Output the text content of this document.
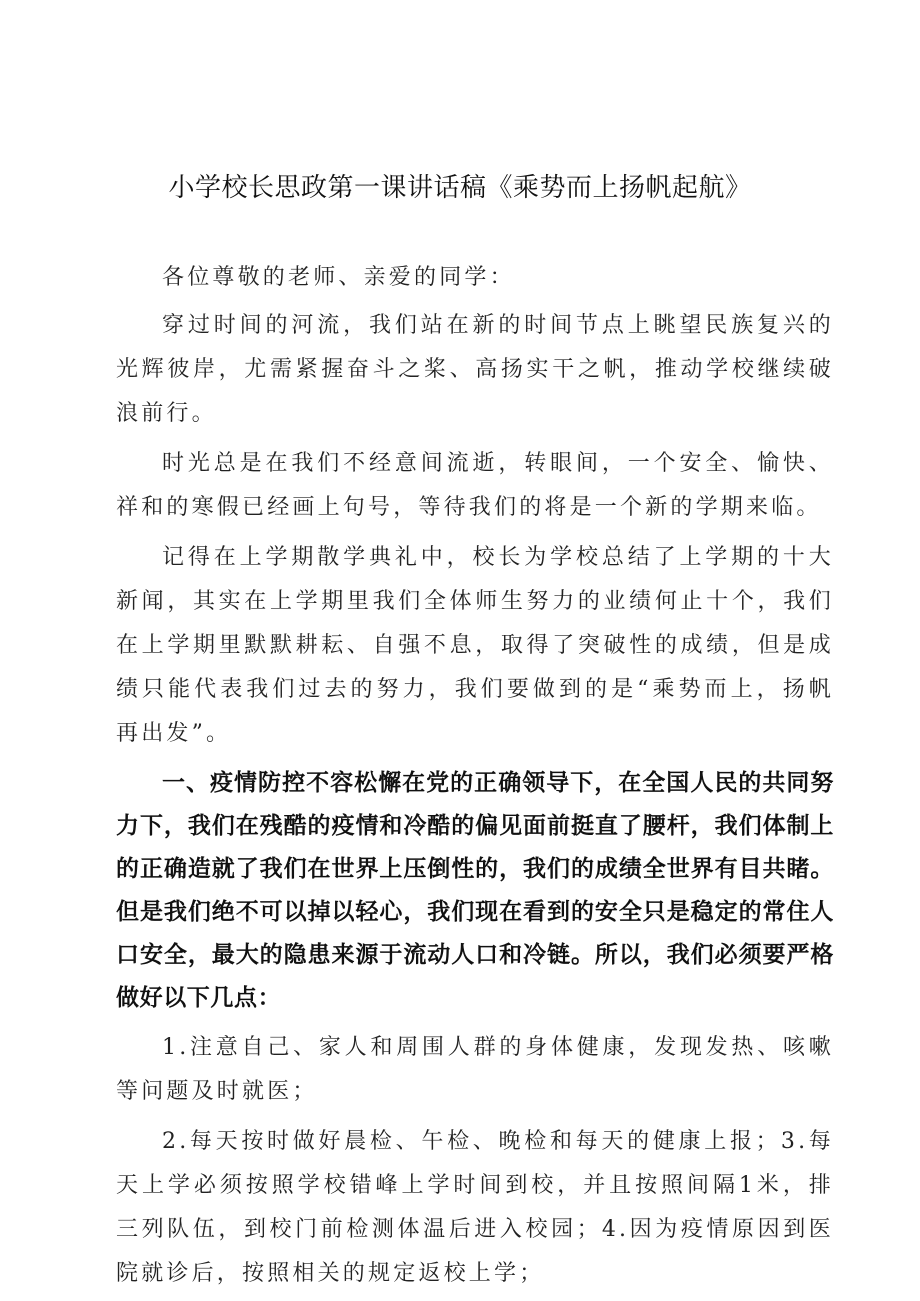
小学校长思政第一课讲话稿《乘势而上扬帆起航》

各位尊敬的老师、亲爱的同学：

穿过时间的河流，我们站在新的时间节点上眺望民族复兴的光辉彼岸，尤需紧握奋斗之桨、高扬实干之帆，推动学校继续破浪前行。

时光总是在我们不经意间流逝，转眼间，一个安全、愉快、祥和的寒假已经画上句号，等待我们的将是一个新的学期来临。

记得在上学期散学典礼中，校长为学校总结了上学期的十大新闻，其实在上学期里我们全体师生努力的业绩何止十个，我们在上学期里默默耕耘、自强不息，取得了突破性的成绩，但是成绩只能代表我们过去的努力，我们要做到的是“乘势而上，扬帆再出发”。

一、疫情防控不容松懈在党的正确领导下，在全国人民的共同努力下，我们在残酷的疫情和冷酷的偏见面前挺直了腰杆，我们体制上的正确造就了我们在世界上压倒性的，我们的成绩全世界有目共睹。但是我们绝不可以掉以轻心，我们现在看到的安全只是稳定的常住人口安全，最大的隐患来源于流动人口和冷链。所以，我们必须要严格做好以下几点：

1.注意自己、家人和周围人群的身体健康，发现发热、咳嗽等问题及时就医；

2.每天按时做好晨检、午检、晚检和每天的健康上报；3.每天上学必须按照学校错峰上学时间到校，并且按照间隔1米，排三列队伍，到校门前检测体温后进入校园；4.因为疫情原因到医院就诊后，按照相关的规定返校上学；
